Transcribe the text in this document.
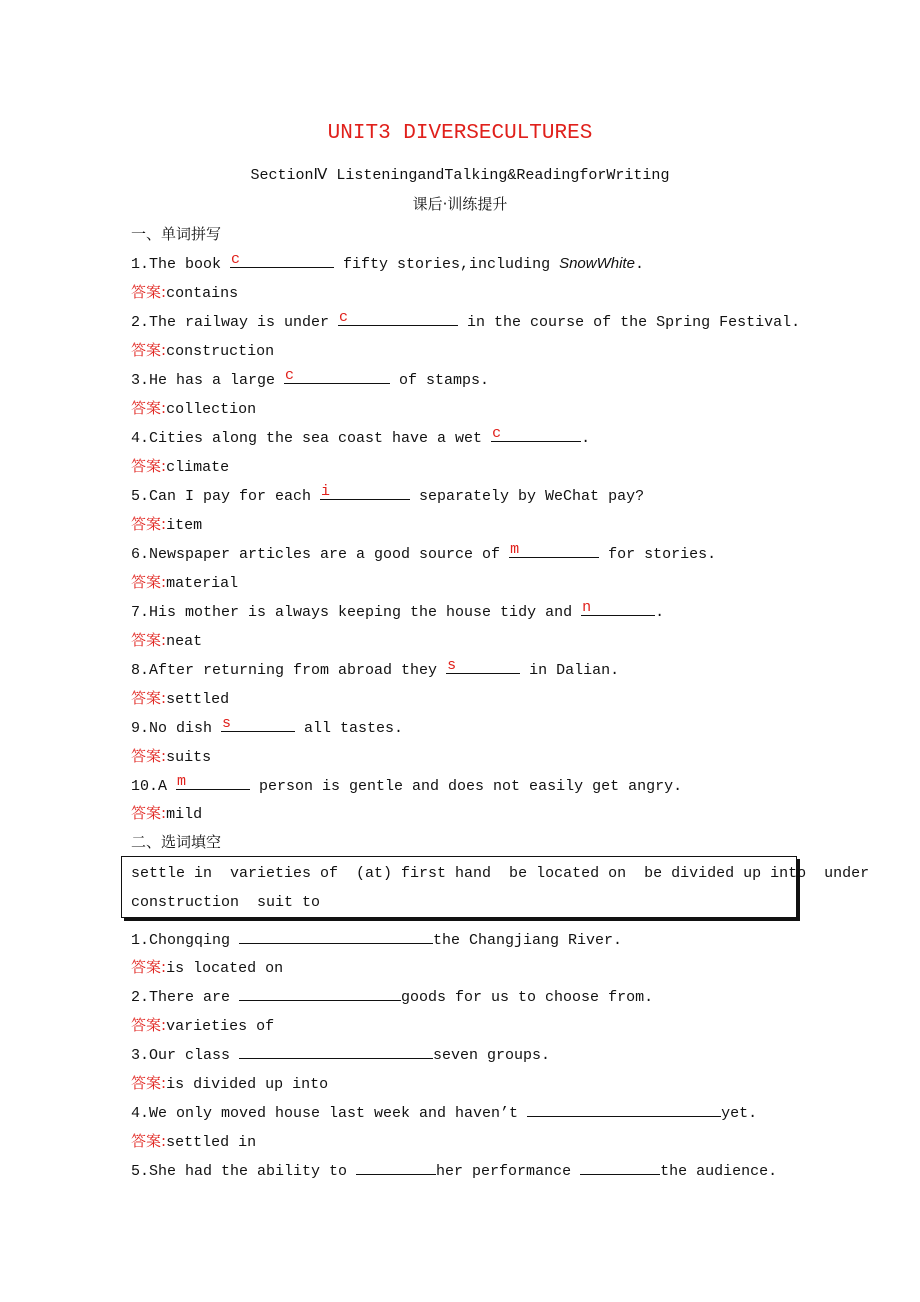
UNIT3 DIVERSECULTURES
SectionⅣ ListeningandTalking&ReadingforWriting
课后·训练提升
一、单词拼写
1.The book c	fifty stories,including SnowWhite.
答案:contains
2.The railway is under c	in the course of the Spring Festival.
答案:construction
3.He has a large c	of stamps.
答案:collection
4.Cities along the sea coast have a wet c	.
答案:climate
5.Can I pay for each i	separately by WeChat pay?
答案:item
6.Newspaper articles are a good source of m	for stories.
答案:material
7.His mother is always keeping the house tidy and n	.
答案:neat
8.After returning from abroad they s	in Dalian.
答案:settled
9.No dish s	all tastes.
答案:suits
10.A m	person is gentle and does not easily get angry.
答案:mild
二、选词填空
settle in  varieties of  (at) first hand  be located on  be divided up into  under
construction  suit to
1.Chongqing	the Changjiang River.
答案:is located on
2.There are	goods for us to choose from.
答案:varieties of
3.Our class	seven groups.
答案:is divided up into
4.We only moved house last week and haven’t	yet.
答案:settled in
5.She had the ability to	her performance	the audience.
